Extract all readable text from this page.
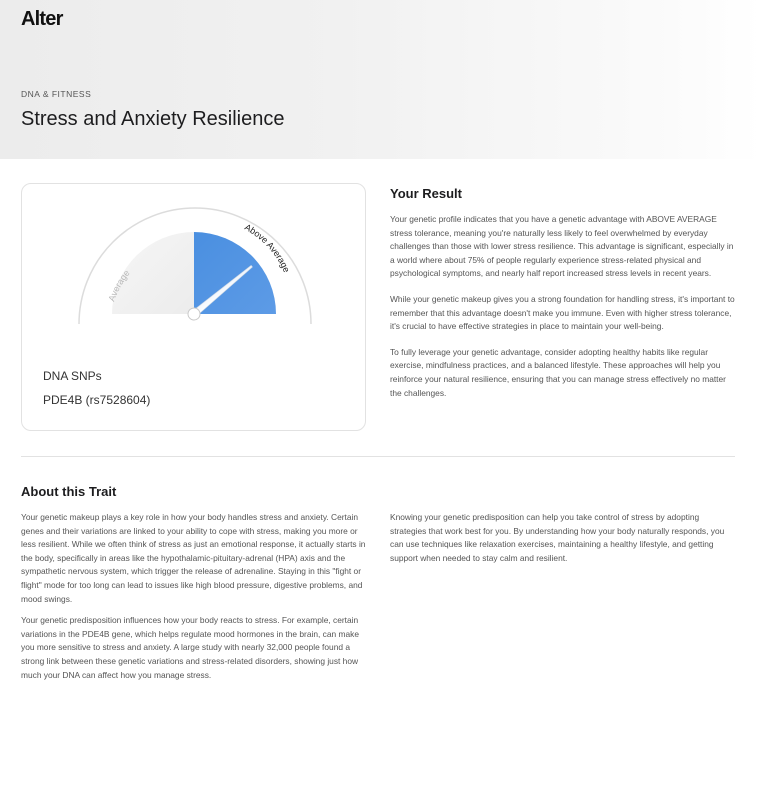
Alter
DNA & FITNESS
Stress and Anxiety Resilience
Average
Above Average
DNA SNPs
PDE4B (rs7528604)
Your Result

Your genetic profile indicates that you have a genetic advantage with ABOVE AVERAGE stress tolerance, meaning you're naturally less likely to feel overwhelmed by everyday challenges than those with lower stress resilience. This advantage is significant, especially in a world where about 75% of people regularly experience stress-related physical and psychological symptoms, and nearly half report increased stress levels in recent years.

While your genetic makeup gives you a strong foundation for handling stress, it's important to remember that this advantage doesn't make you immune. Even with higher stress tolerance, it's crucial to have effective strategies in place to maintain your well-being.

To fully leverage your genetic advantage, consider adopting healthy habits like regular exercise, mindfulness practices, and a balanced lifestyle. These approaches will help you reinforce your natural resilience, ensuring that you can manage stress effectively no matter the challenges.

About this Trait

Your genetic makeup plays a key role in how your body handles stress and anxiety. Certain genes and their variations are linked to your ability to cope with stress, making you more or less resilient. While we often think of stress as just an emotional response, it actually starts in the body, specifically in areas like the hypothalamic-pituitary-adrenal (HPA) axis and the sympathetic nervous system, which trigger the release of adrenaline. Staying in this "fight or flight" mode for too long can lead to issues like high blood pressure, digestive problems, and mood swings.

Your genetic predisposition influences how your body reacts to stress. For example, certain variations in the PDE4B gene, which helps regulate mood hormones in the brain, can make you more sensitive to stress and anxiety. A large study with nearly 32,000 people found a strong link between these genetic variations and stress-related disorders, showing just how much your DNA can affect how you manage stress.

Knowing your genetic predisposition can help you take control of stress by adopting strategies that work best for you. By understanding how your body naturally responds, you can use techniques like relaxation exercises, maintaining a healthy lifestyle, and getting support when needed to stay calm and resilient.
